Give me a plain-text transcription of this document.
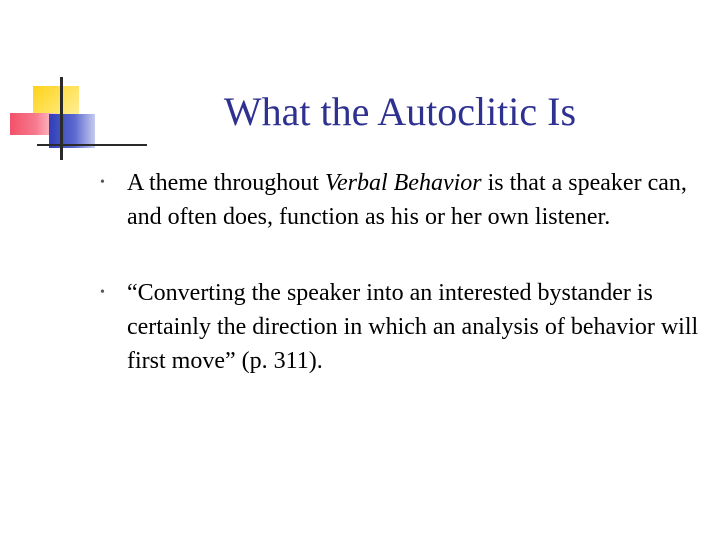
What the Autoclitic Is
• A theme throughout Verbal Behavior is that a speaker can, and often does, function as his or her own listener.
• “Converting the speaker into an interested bystander is certainly the direction in which an analysis of behavior will first move” (p. 311).
